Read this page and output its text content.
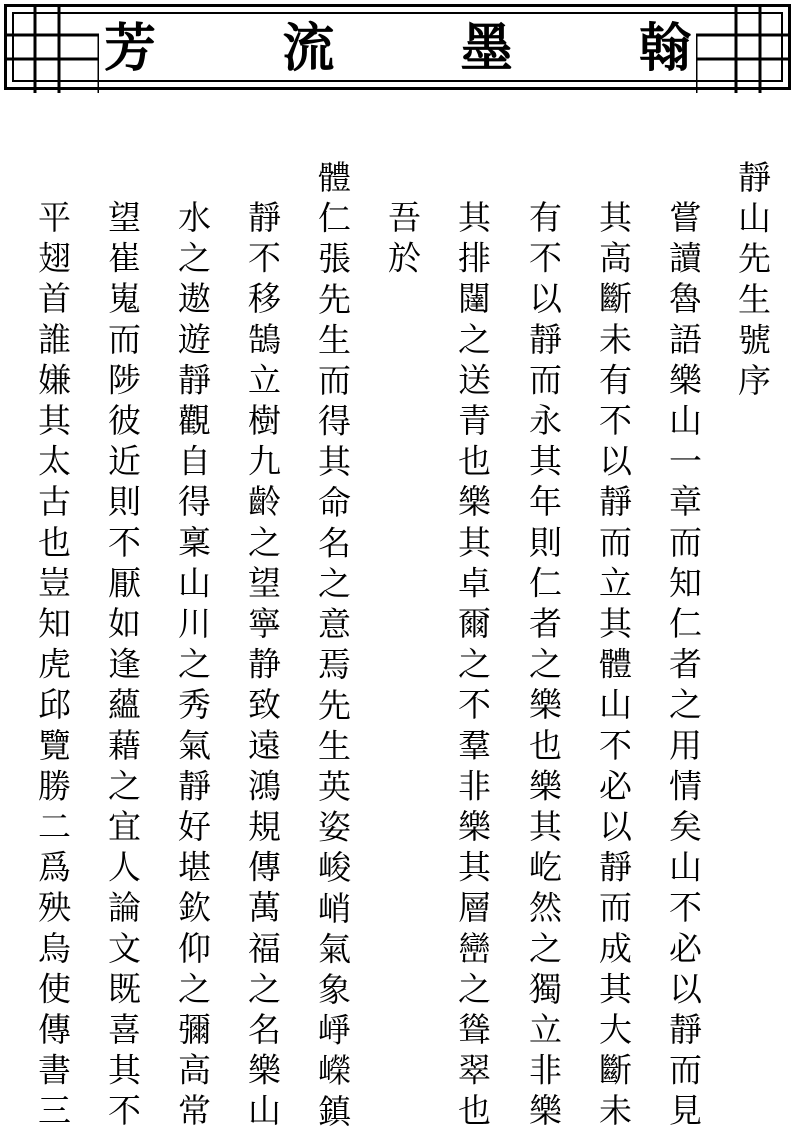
芳 流 墨 翰
靜山先生號序
嘗讀魯語樂山一章而知仁者之用情矣山不必以靜而見
其高斷未有不以靜而立其體山不必以靜而成其大斷未
有不以靜而永其年則仁者之樂也樂其屹然之獨立非樂
其排闥之送青也樂其卓爾之不羣非樂其層巒之聳翠也
吾於
體仁張先生而得其命名之意焉先生英姿峻峭氣象崢嶸鎮
靜不移鵠立樹九齡之望寧静致遠鴻規傳萬福之名樂山
水之遨遊靜觀自得稟山川之秀氣靜好堪欽仰之彌高常
望崔嵬而陟彼近則不厭如逢蘊藉之宜人論文既喜其不
平翅首誰嫌其太古也豈知虎邱覽勝二爲殃烏使傳書三
